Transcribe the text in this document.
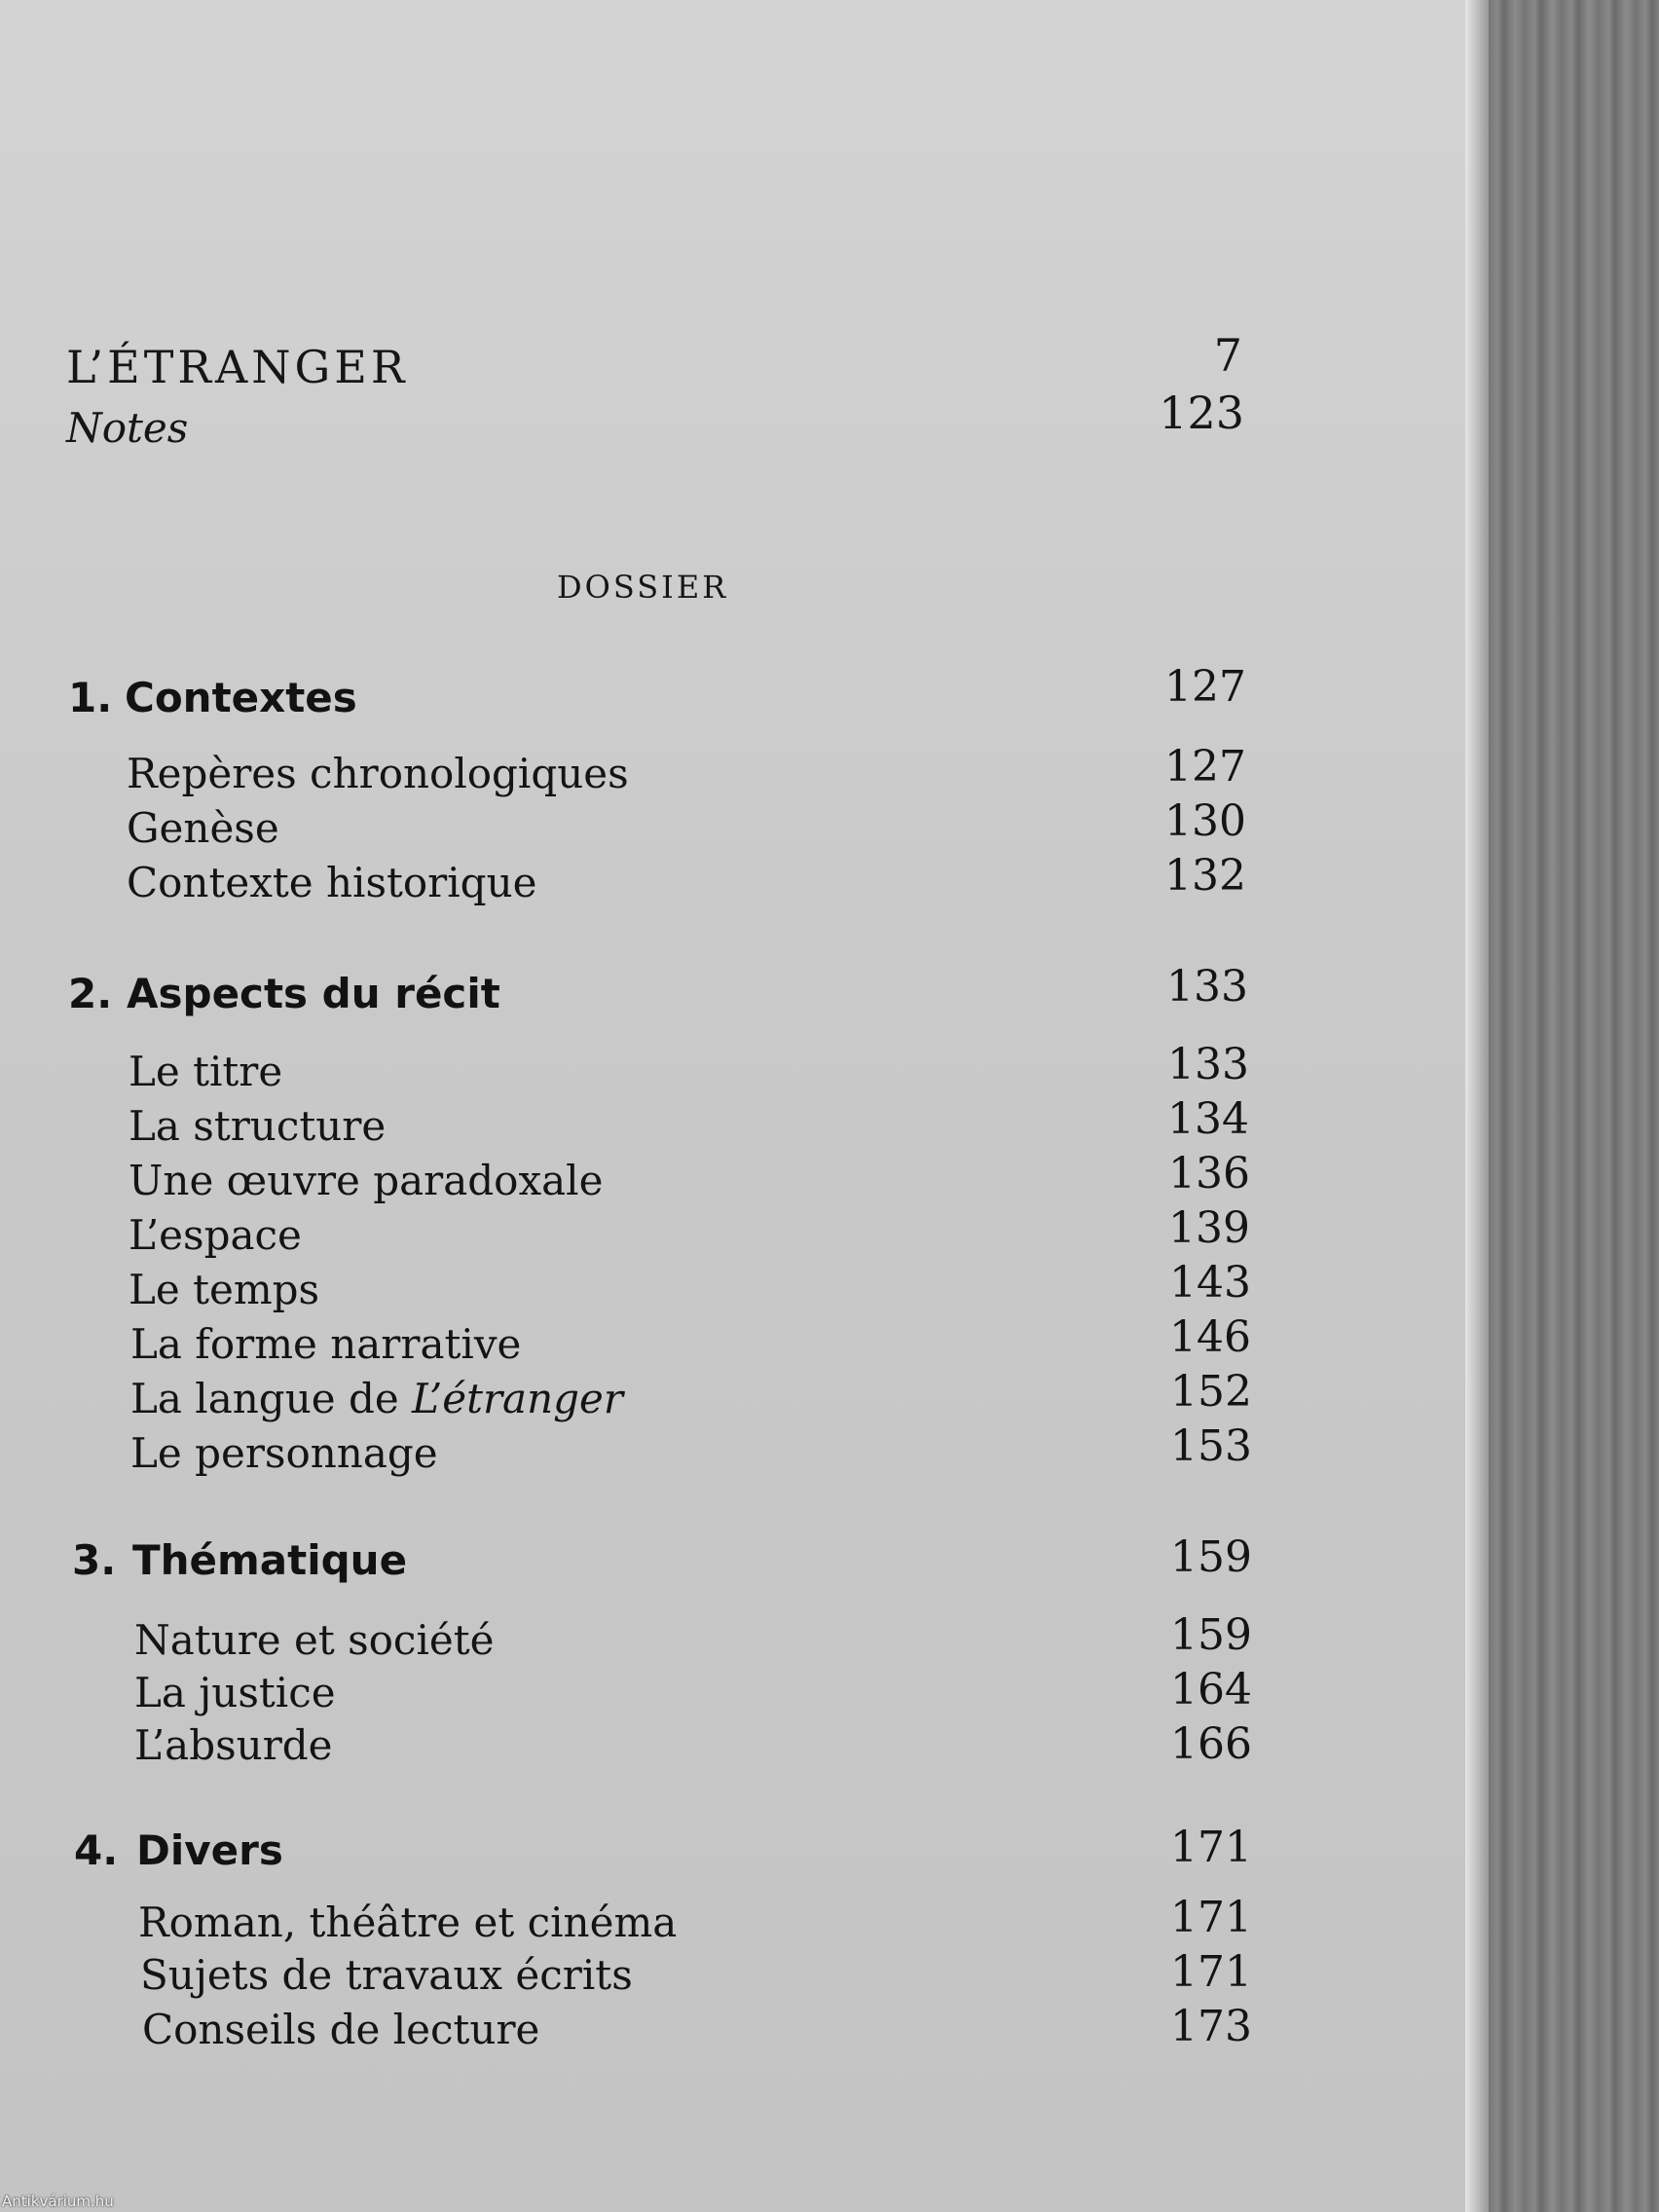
L’ÉTRANGER	7
Notes	123
DOSSIER
1. Contextes	127
Repères chronologiques	127
Genèse	130
Contexte historique	132
2. Aspects du récit	133
Le titre	133
La structure	134
Une œuvre paradoxale	136
L’espace	139
Le temps	143
La forme narrative	146
La langue de L’étranger	152
Le personnage	153
3. Thématique	159
Nature et société	159
La justice	164
L’absurde	166
4. Divers	171
Roman, théâtre et cinéma	171
Sujets de travaux écrits	171
Conseils de lecture	173
Antikvárium.hu
